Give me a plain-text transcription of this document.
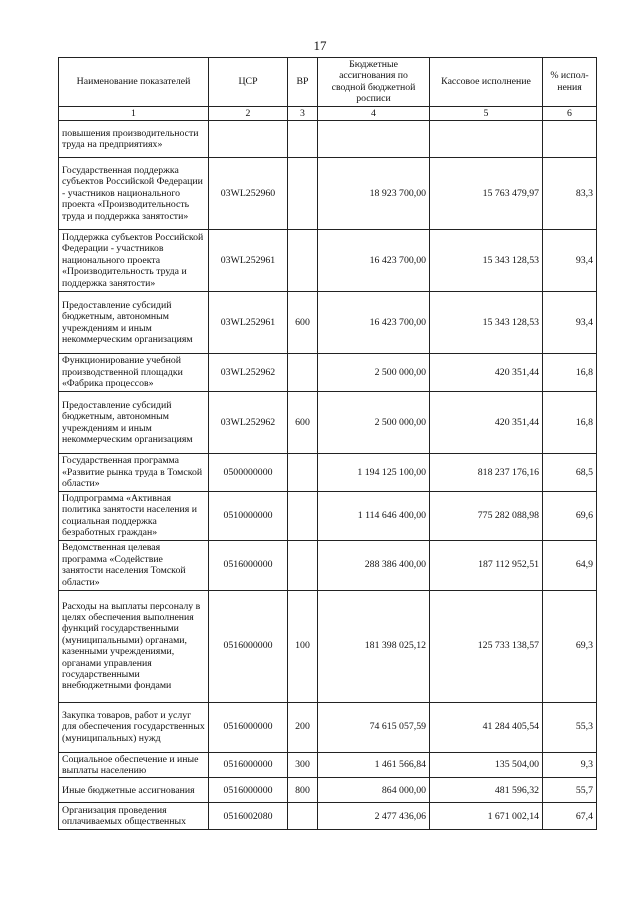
17
Наименование показателей	ЦСР	ВР	Бюджетные ассигнования по сводной бюджетной росписи	Кассовое исполнение	% испол-нения
1	2	3	4	5	6
повышения производительности труда на предприятиях»					
Государственная поддержка субъектов Российской Федерации - участников национального проекта «Производительность труда и поддержка занятости»	03WL252960		18 923 700,00	15 763 479,97	83,3
Поддержка субъектов Российской Федерации - участников национального проекта «Производительность труда и поддержка занятости»	03WL252961		16 423 700,00	15 343 128,53	93,4
Предоставление субсидий бюджетным, автономным учреждениям и иным некоммерческим организациям	03WL252961	600	16 423 700,00	15 343 128,53	93,4
Функционирование учебной производственной площадки «Фабрика процессов»	03WL252962		2 500 000,00	420 351,44	16,8
Предоставление субсидий бюджетным, автономным учреждениям и иным некоммерческим организациям	03WL252962	600	2 500 000,00	420 351,44	16,8
Государственная программа «Развитие рынка труда в Томской области»	0500000000		1 194 125 100,00	818 237 176,16	68,5
Подпрограмма «Активная политика занятости населения и социальная поддержка безработных граждан»	0510000000		1 114 646 400,00	775 282 088,98	69,6
Ведомственная целевая программа «Содействие занятости населения Томской области»	0516000000		288 386 400,00	187 112 952,51	64,9
Расходы на выплаты персоналу в целях обеспечения выполнения функций государственными (муниципальными) органами, казенными учреждениями, органами управления государственными внебюджетными фондами	0516000000	100	181 398 025,12	125 733 138,57	69,3
Закупка товаров, работ и услуг для обеспечения государственных (муниципальных) нужд	0516000000	200	74 615 057,59	41 284 405,54	55,3
Социальное обеспечение и иные выплаты населению	0516000000	300	1 461 566,84	135 504,00	9,3
Иные бюджетные ассигнования	0516000000	800	864 000,00	481 596,32	55,7
Организация проведения оплачиваемых общественных	0516002080		2 477 436,06	1 671 002,14	67,4
